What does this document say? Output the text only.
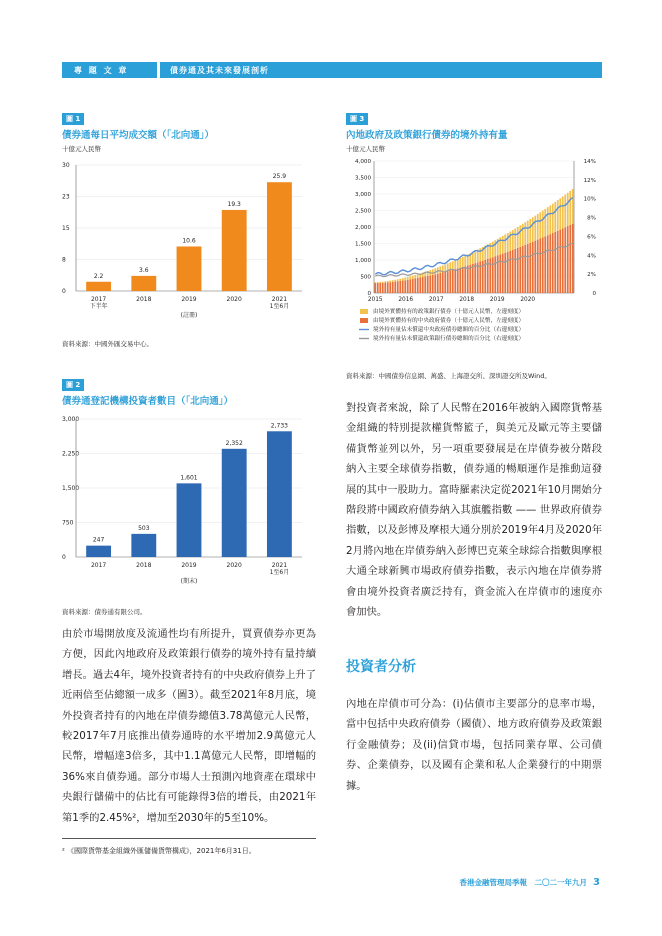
專 題 文 章	債券通及其未來發展剖析
圖 1
債券通每日平均成交額（「北向通」）
十億元人民幣
0
8
15
23
30
2.2
2017
下半年
3.6
2018
10.6
2019
19.3
2020
25.9
2021
1至6月
(註冊)
資料來源：中國外匯交易中心。
圖 2
債券通登記機構投資者數目（「北向通」）
0
750
1,500
2,250
3,000
247
2017
503
2018
1,601
2019
2,352
2020
2,733
2021
1至6月
(期末)
資料來源：債券通有限公司。
圖 3
內地政府及政策銀行債券的境外持有量
十億元人民幣
0
500
1,000
1,500
2,000
2,500
3,000
3,500
4,000
0
2%
4%
6%
8%
10%
12%
14%
2015	2016	2017	2018	2019	2020
由境外實體持有的政策銀行債券（十億元人民幣，左邊刻度）
由境外實體持有的中央政府債券（十億元人民幣，左邊刻度）
境外持有量佔未償還中央政府債券總額的百分比（右邊刻度）
境外持有量佔未償還政策銀行債券總額的百分比（右邊刻度）
資料來源：中國債券信息網、萬盛、上海證交所、深圳證交所及Wind。
由於市場開放度及流通性均有所提升，買賣債券亦更為方便，因此內地政府及政策銀行債券的境外持有量持續增長。過去4年，境外投資者持有的中央政府債券上升了近兩倍至佔總額一成多（圖3）。截至2021年8月底，境外投資者持有的內地在岸債券總值3.78萬億元人民幣，較2017年7月底推出債券通時的水平增加2.9萬億元人民幣，增幅達3倍多，其中1.1萬億元人民幣，即增幅的36%來自債券通。部分市場人士預測內地資產在環球中央銀行儲備中的佔比有可能錄得3倍的增長，由2021年第1季的2.45%²，增加至2030年的5至10%。
對投資者來說，除了人民幣在2016年被納入國際貨幣基金組織的特別提款權貨幣籃子，與美元及歐元等主要儲備貨幣並列以外，另一項重要發展是在岸債券被分階段納入主要全球債券指數，債券通的暢順運作是推動這發展的其中一股助力。富時羅素決定從2021年10月開始分階段將中國政府債券納入其旗艦指數 —— 世界政府債券指數，以及彭博及摩根大通分別於2019年4月及2020年2月將內地在岸債券納入彭博巴克萊全球綜合指數與摩根大通全球新興市場政府債券指數，表示內地在岸債券將會由境外投資者廣泛持有，資金流入在岸債市的速度亦會加快。
投資者分析
內地在岸債市可分為：(i)佔債市主要部分的息率市場，當中包括中央政府債券（國債）、地方政府債券及政策銀行金融債券；及(ii)信貸市場，包括同業存單、公司債券、企業債券，以及國有企業和私人企業發行的中期票據。
² 《國際貨幣基金組織外匯儲備貨幣構成》，2021年6月31日。
香港金融管理局季報　二〇二一年九月 3
